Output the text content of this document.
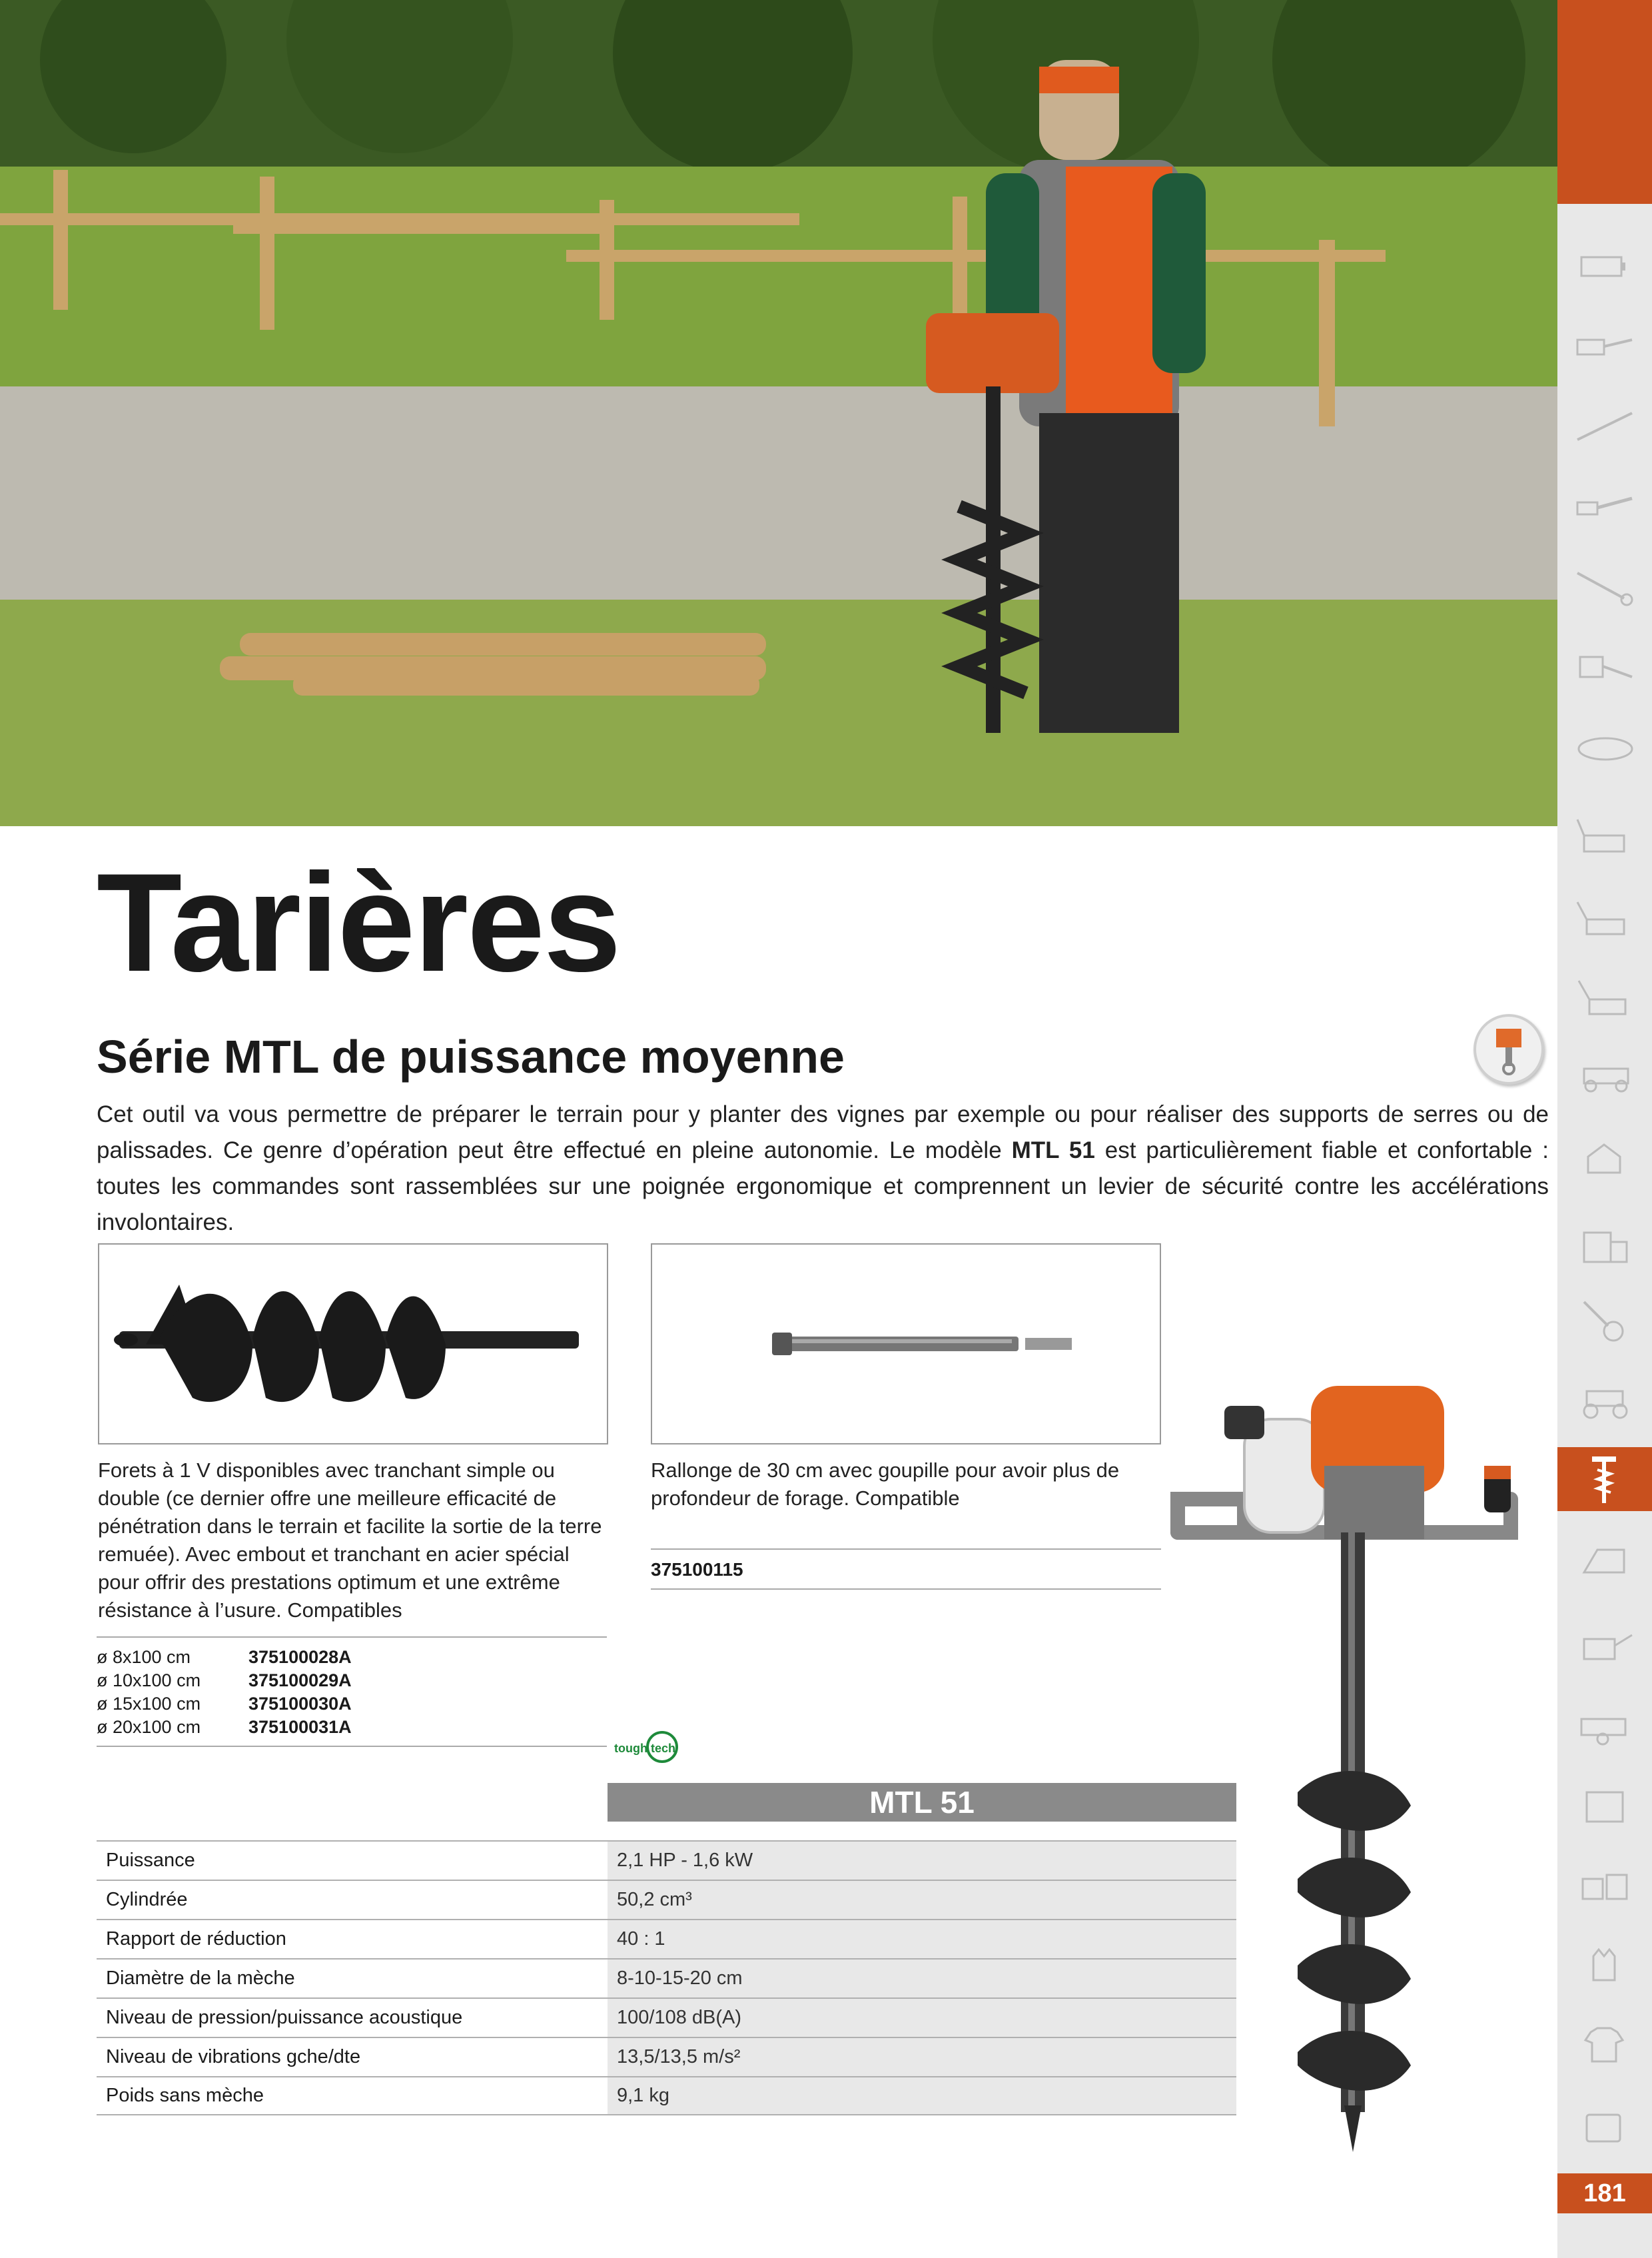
181
Tarières
Série MTL de puissance moyenne
Cet outil va vous permettre de préparer le terrain pour y planter des vignes par exemple ou pour réaliser des supports de serres ou de palissades. Ce genre d’opération peut être effectué en pleine autonomie. Le modèle MTL 51 est particulièrement fiable et confortable : toutes les commandes sont rassemblées sur une poignée ergonomique et comprennent un levier de sécurité contre les accélérations involontaires.
Forets à 1 V disponibles avec tranchant simple ou double (ce dernier offre une meilleure efficacité de pénétration dans le terrain et facilite la sortie de la terre remuée). Avec embout et tranchant en acier spécial pour offrir des prestations optimum et une extrême résistance à l’usure. Compatibles
ø 8x100 cm	375100028A
ø 10x100 cm	375100029A
ø 15x100 cm	375100030A
ø 20x100 cm	375100031A
Rallonge de 30 cm avec goupille pour avoir plus de profondeur de forage. Compatible
375100115
tough tech
MTL 51
Puissance	2,1 HP - 1,6 kW
Cylindrée	50,2 cm³
Rapport de réduction	40 : 1
Diamètre de la mèche	8-10-15-20 cm
Niveau de pression/puissance acoustique	100/108 dB(A)
Niveau de vibrations gche/dte	13,5/13,5 m/s²
Poids sans mèche	9,1 kg
